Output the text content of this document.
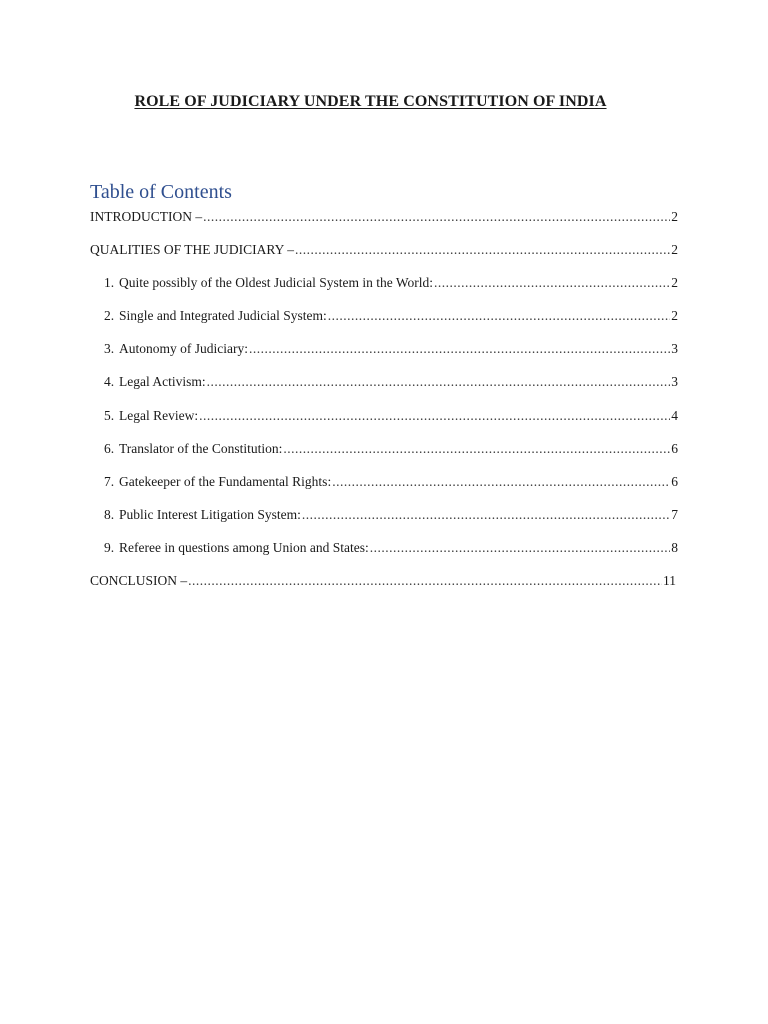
ROLE OF JUDICIARY UNDER THE CONSTITUTION OF INDIA
Table of Contents
INTRODUCTION – .....	2
QUALITIES OF THE JUDICIARY – .....	2
1. Quite possibly of the Oldest Judicial System in the World: .....	2
2. Single and Integrated Judicial System: .....	2
3. Autonomy of Judiciary: .....	3
4. Legal Activism: .....	3
5. Legal Review: .....	4
6. Translator of the Constitution: .....	6
7. Gatekeeper of the Fundamental Rights: .....	6
8. Public Interest Litigation System: .....	7
9. Referee in questions among Union and States: .....	8
CONCLUSION – .....	11
